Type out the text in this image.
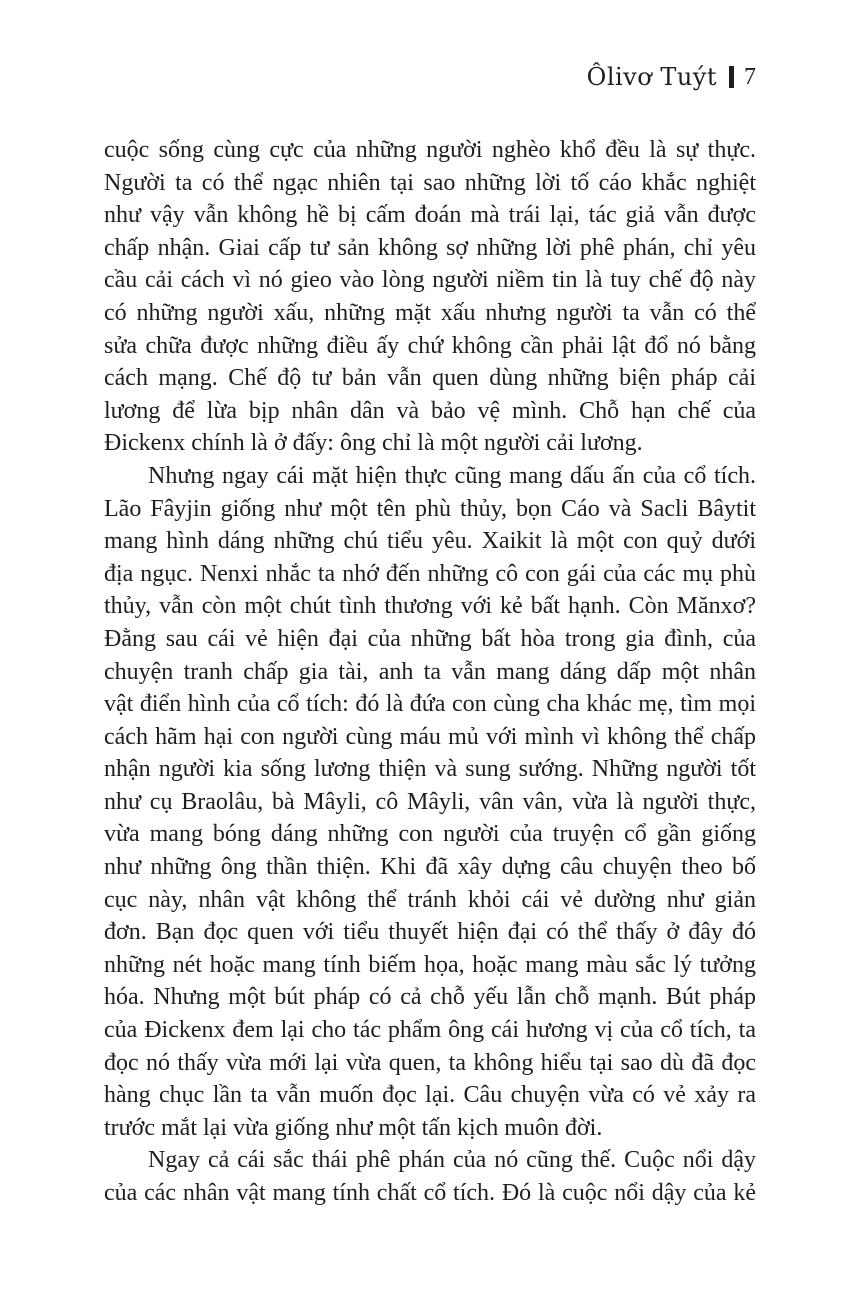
Ôlivơ Tuýt 7
cuộc sống cùng cực của những người nghèo khổ đều là sự thực.
Người ta có thể ngạc nhiên tại sao những lời tố cáo khắc nghiệt
như vậy vẫn không hề bị cấm đoán mà trái lại, tác giả vẫn được
chấp nhận. Giai cấp tư sản không sợ những lời phê phán, chỉ yêu
cầu cải cách vì nó gieo vào lòng người niềm tin là tuy chế độ này
có những người xấu, những mặt xấu nhưng người ta vẫn có thể
sửa chữa được những điều ấy chứ không cần phải lật đổ nó bằng
cách mạng. Chế độ tư bản vẫn quen dùng những biện pháp cải
lương để lừa bịp nhân dân và bảo vệ mình. Chỗ hạn chế của
Đickenx chính là ở đấy: ông chỉ là một người cải lương.
Nhưng ngay cái mặt hiện thực cũng mang dấu ấn của cổ tích.
Lão Fâyjin giống như một tên phù thủy, bọn Cáo và Sacli Bâytit
mang hình dáng những chú tiểu yêu. Xaikit là một con quỷ dưới
địa ngục. Nenxi nhắc ta nhớ đến những cô con gái của các mụ phù
thủy, vẫn còn một chút tình thương với kẻ bất hạnh. Còn Mănxơ?
Đằng sau cái vẻ hiện đại của những bất hòa trong gia đình, của
chuyện tranh chấp gia tài, anh ta vẫn mang dáng dấp một nhân
vật điển hình của cổ tích: đó là đứa con cùng cha khác mẹ, tìm mọi
cách hãm hại con người cùng máu mủ với mình vì không thể chấp
nhận người kia sống lương thiện và sung sướng. Những người tốt
như cụ Braolâu, bà Mâyli, cô Mâyli, vân vân, vừa là người thực,
vừa mang bóng dáng những con người của truyện cổ gần giống
như những ông thần thiện. Khi đã xây dựng câu chuyện theo bố
cục này, nhân vật không thể tránh khỏi cái vẻ dường như giản
đơn. Bạn đọc quen với tiểu thuyết hiện đại có thể thấy ở đây đó
những nét hoặc mang tính biếm họa, hoặc mang màu sắc lý tưởng
hóa. Nhưng một bút pháp có cả chỗ yếu lẫn chỗ mạnh. Bút pháp
của Đickenx đem lại cho tác phẩm ông cái hương vị của cổ tích, ta
đọc nó thấy vừa mới lại vừa quen, ta không hiểu tại sao dù đã đọc
hàng chục lần ta vẫn muốn đọc lại. Câu chuyện vừa có vẻ xảy ra
trước mắt lại vừa giống như một tấn kịch muôn đời.
Ngay cả cái sắc thái phê phán của nó cũng thế. Cuộc nổi dậy
của các nhân vật mang tính chất cổ tích. Đó là cuộc nổi dậy của kẻ
